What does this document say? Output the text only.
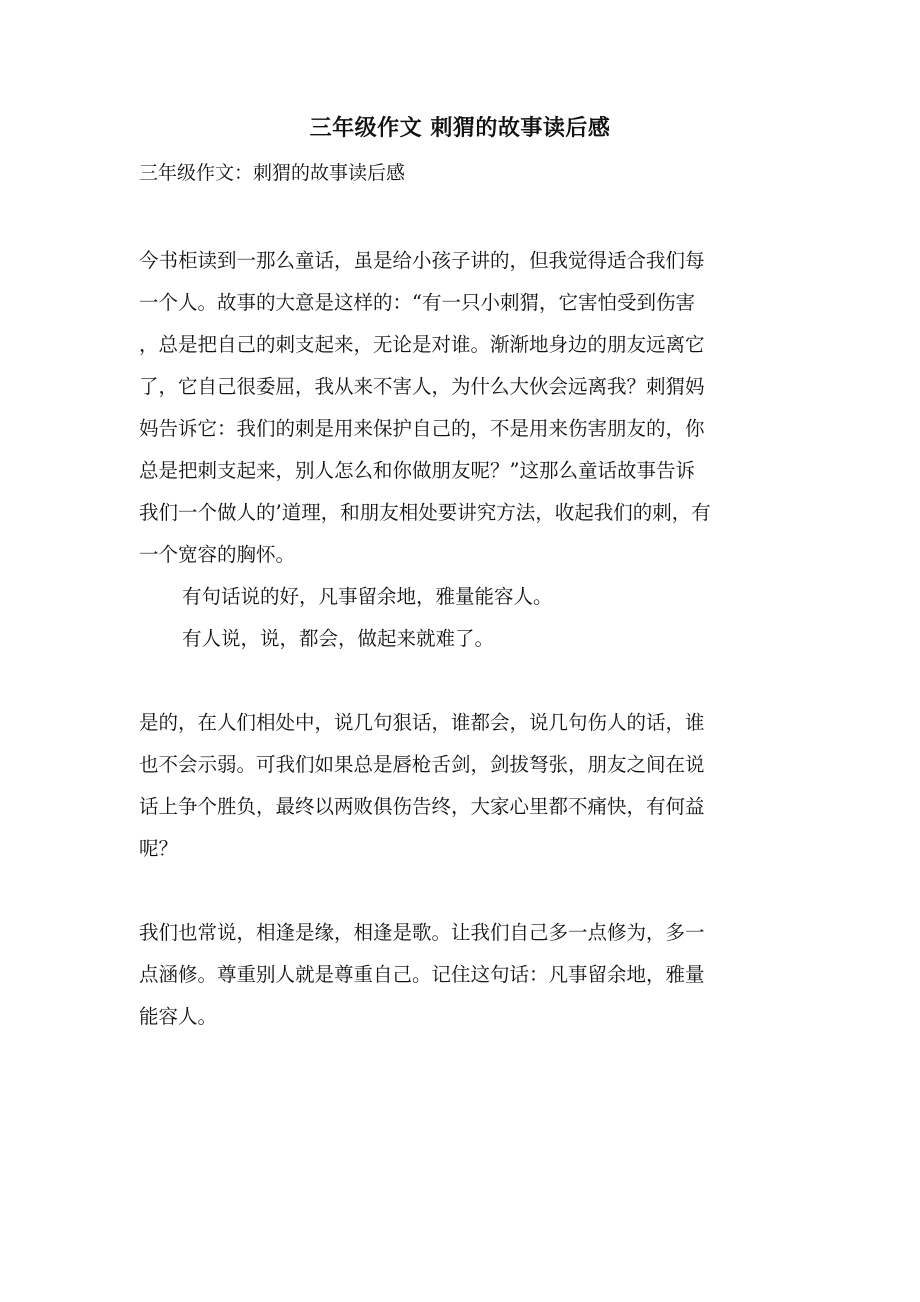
三年级作文 刺猬的故事读后感
三年级作文：刺猬的故事读后感
今书柜读到一那么童话，虽是给小孩子讲的，但我觉得适合我们每
一个人。故事的大意是这样的：“有一只小刺猬，它害怕受到伤害
，总是把自己的刺支起来，无论是对谁。渐渐地身边的朋友远离它
了，它自己很委屈，我从来不害人，为什么大伙会远离我？刺猬妈
妈告诉它：我们的刺是用来保护自己的，不是用来伤害朋友的，你
总是把刺支起来，别人怎么和你做朋友呢？”这那么童话故事告诉
我们一个做人的’道理，和朋友相处要讲究方法，收起我们的刺，有
一个宽容的胸怀。
有句话说的好，凡事留余地，雅量能容人。
有人说，说，都会，做起来就难了。
是的，在人们相处中，说几句狠话，谁都会，说几句伤人的话，谁
也不会示弱。可我们如果总是唇枪舌剑，剑拔弩张，朋友之间在说
话上争个胜负，最终以两败俱伤告终，大家心里都不痛快，有何益
呢？
我们也常说，相逢是缘，相逢是歌。让我们自己多一点修为，多一
点涵修。尊重别人就是尊重自己。记住这句话：凡事留余地，雅量
能容人。
